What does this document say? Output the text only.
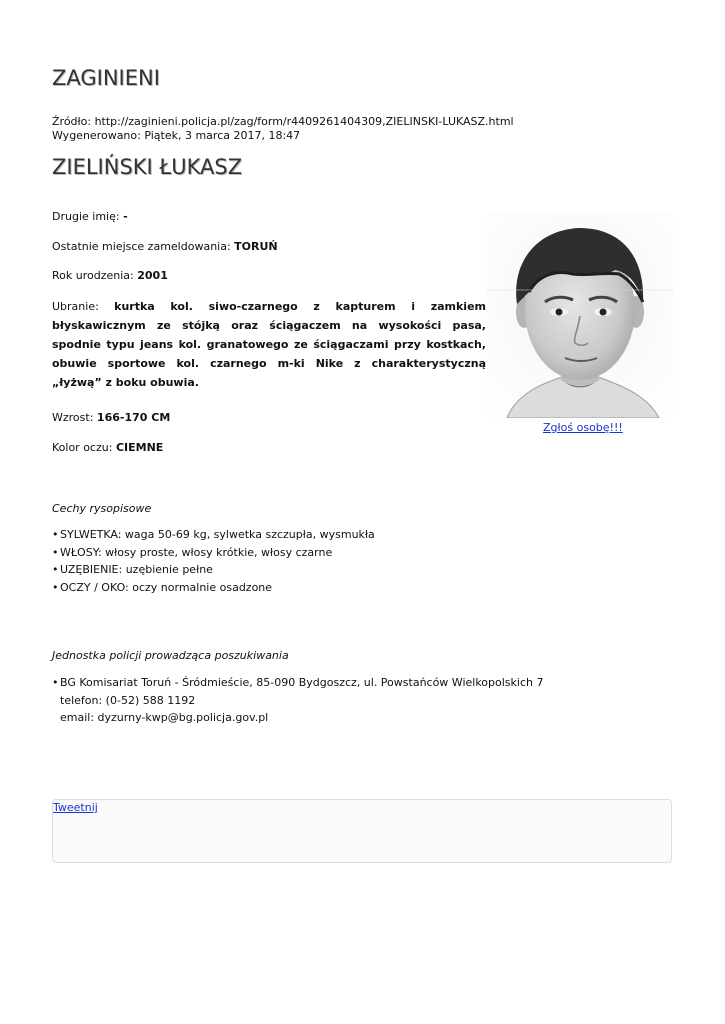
ZAGINIENI
Źródło: http://zaginieni.policja.pl/zag/form/r4409261404309,ZIELINSKI-LUKASZ.html
Wygenerowano: Piątek, 3 marca 2017, 18:47
ZIELIŃSKI ŁUKASZ
Drugie imię: -
Ostatnie miejsce zameldowania: TORUŃ
Rok urodzenia: 2001
Ubranie: kurtka kol. siwo-czarnego z kapturem i zamkiem błyskawicznym ze stójką oraz ściągaczem na wysokości pasa, spodnie typu jeans kol. granatowego ze ściągaczami przy kostkach, obuwie sportowe kol. czarnego m-ki Nike z charakterystyczną „łyżwą” z boku obuwia.
Wzrost: 166-170 CM
Kolor oczu: CIEMNE
Zgłoś osobę!!!
Cechy rysopisowe
• SYLWETKA: waga 50-69 kg, sylwetka szczupła, wysmukła
• WŁOSY: włosy proste, włosy krótkie, włosy czarne
• UZĘBIENIE: uzębienie pełne
• OCZY / OKO: oczy normalnie osadzone
Jednostka policji prowadząca poszukiwania
• BG Komisariat Toruń - Śródmieście, 85-090 Bydgoszcz, ul. Powstańców Wielkopolskich 7
telefon: (0-52) 588 1192
email: dyzurny-kwp@bg.policja.gov.pl
Tweetnij
